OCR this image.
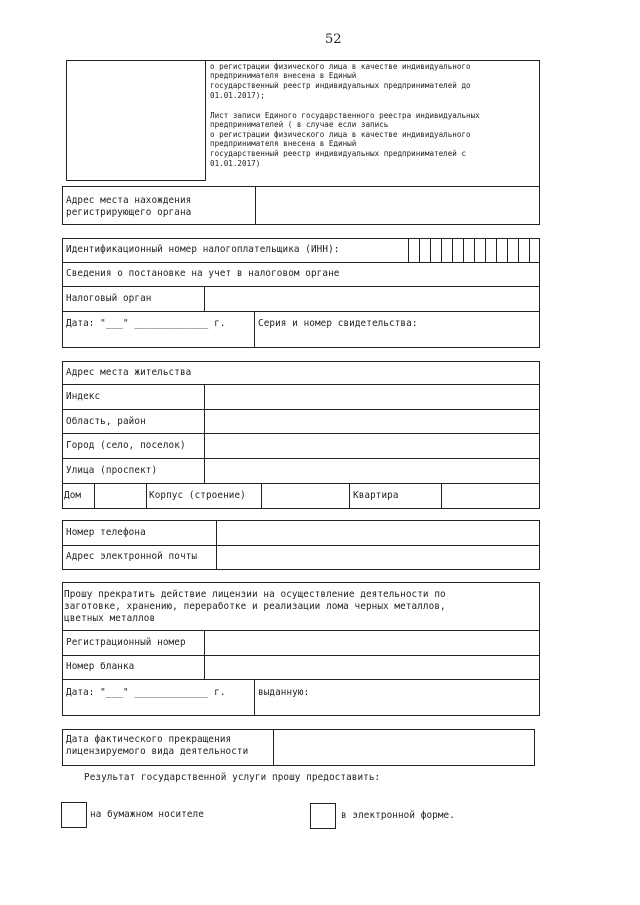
52
о регистрации физического лица в качестве индивидуального
предпринимателя внесена в Единый
государственный реестр индивидуальных предпринимателей до
01.01.2017);
Лист записи Единого государственного реестра индивидуальных
предпринимателей ( в случае если запись
о регистрации физического лица в качестве индивидуального
предпринимателя внесена в Единый
государственный реестр индивидуальных предпринимателей с
01.01.2017)
Адрес места нахождения
регистрирующего органа
Идентификационный номер налогоплательщика (ИНН):
Сведения о постановке на учет в налоговом органе
Налоговый орган
Дата: "___" _____________ г.	Серия и номер свидетельства:
Адрес места жительства
Индекс
Область, район
Город (село, поселок)
Улица (проспект)
Дом	Корпус (строение)	Квартира
Номер телефона
Адрес электронной почты
Прошу прекратить действие лицензии на осуществление деятельности по
заготовке, хранению, переработке и реализации лома черных металлов,
цветных металлов
Регистрационный номер
Номер бланка
Дата: "___" _____________ г.	выданную:
Дата фактического прекращения
лицензируемого вида деятельности
Результат государственной услуги прошу предоставить:
на бумажном носителе	в электронной форме.
